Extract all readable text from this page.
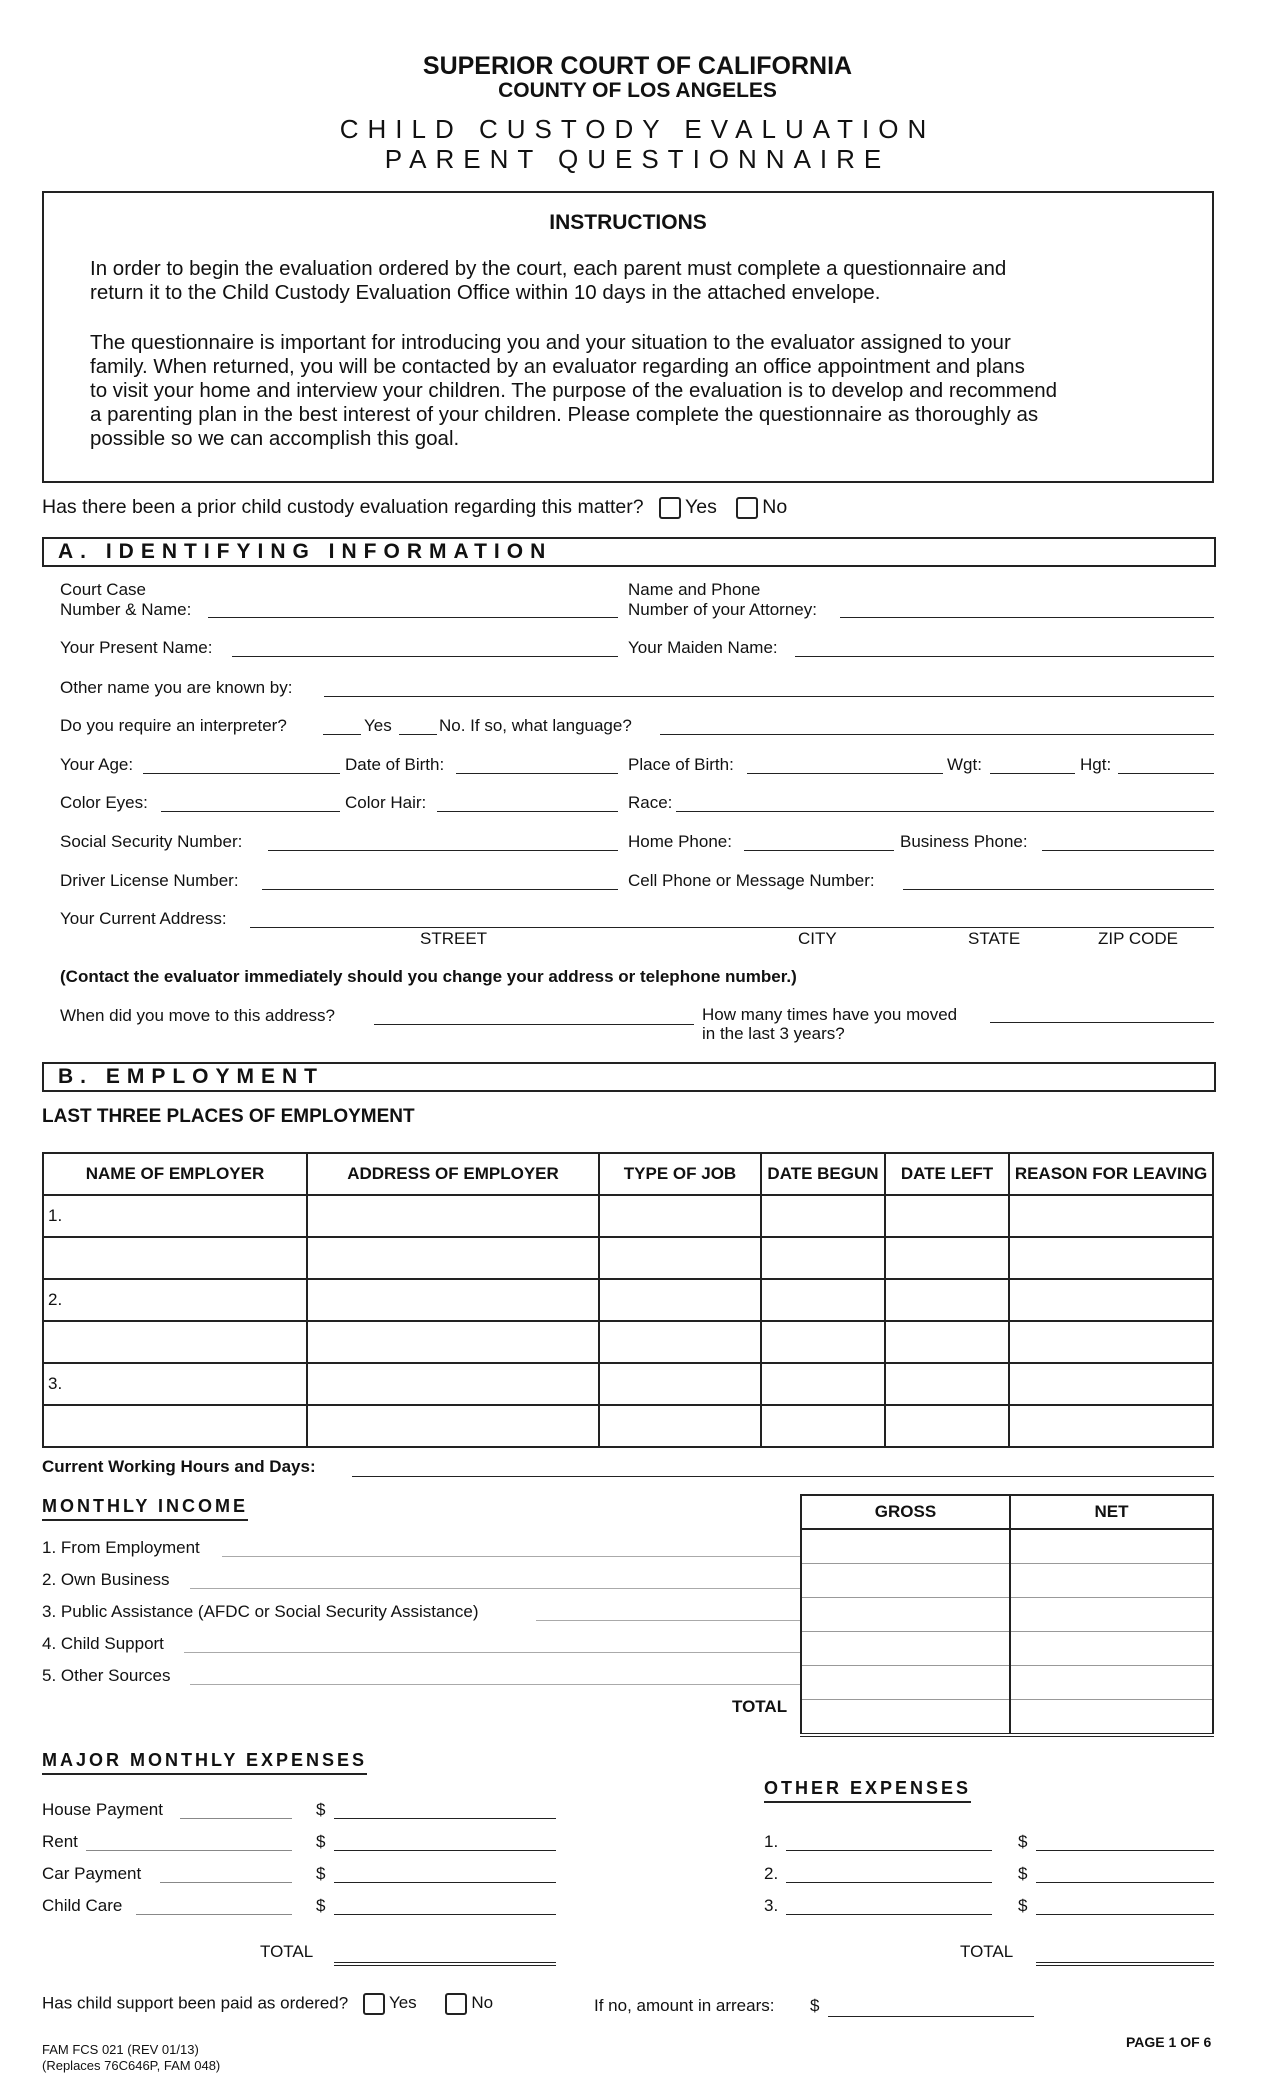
SUPERIOR COURT OF CALIFORNIA
COUNTY OF LOS ANGELES
CHILD CUSTODY EVALUATION
PARENT QUESTIONNAIRE
INSTRUCTIONS
In order to begin the evaluation ordered by the court, each parent must complete a questionnaire and
return it to the Child Custody Evaluation Office within 10 days in the attached envelope.
The questionnaire is important for introducing you and your situation to the evaluator assigned to your
family. When returned, you will be contacted by an evaluator regarding an office appointment and plans
to visit your home and interview your children. The purpose of the evaluation is to develop and recommend
a parenting plan in the best interest of your children. Please complete the questionnaire as thoroughly as
possible so we can accomplish this goal.
Has there been a prior child custody evaluation regarding this matter? Yes No
A. IDENTIFYING INFORMATION
Court Case
Number & Name:
Name and Phone
Number of your Attorney:
Your Present Name:	Your Maiden Name:
Other name you are known by:
Do you require an interpreter?	Yes	No. If so, what language?
Your Age:	Date of Birth:	Place of Birth:	Wgt:	Hgt:
Color Eyes:	Color Hair:	Race:
Social Security Number:	Home Phone:	Business Phone:
Driver License Number:	Cell Phone or Message Number:
Your Current Address:
STREET	CITY	STATE	ZIP CODE
(Contact the evaluator immediately should you change your address or telephone number.)
When did you move to this address?	How many times have you moved
in the last 3 years?
B. EMPLOYMENT
LAST THREE PLACES OF EMPLOYMENT
NAME OF EMPLOYER	ADDRESS OF EMPLOYER	TYPE OF JOB	DATE BEGUN	DATE LEFT	REASON FOR LEAVING
1.					

2.					

3.					

Current Working Hours and Days:
MONTHLY INCOME
1. From Employment
2. Own Business
3. Public Assistance (AFDC or Social Security Assistance)
4. Child Support
5. Other Sources
TOTAL
GROSS	NET

MAJOR MONTHLY EXPENSES
House Payment	$
Rent	$
Car Payment	$
Child Care	$
TOTAL
OTHER EXPENSES
1.	$
2.	$
3.	$
TOTAL
Has child support been paid as ordered? Yes	No	If no, amount in arrears: $
FAM FCS 021 (REV 01/13)
(Replaces 76C646P, FAM 048)
PAGE 1 OF 6
